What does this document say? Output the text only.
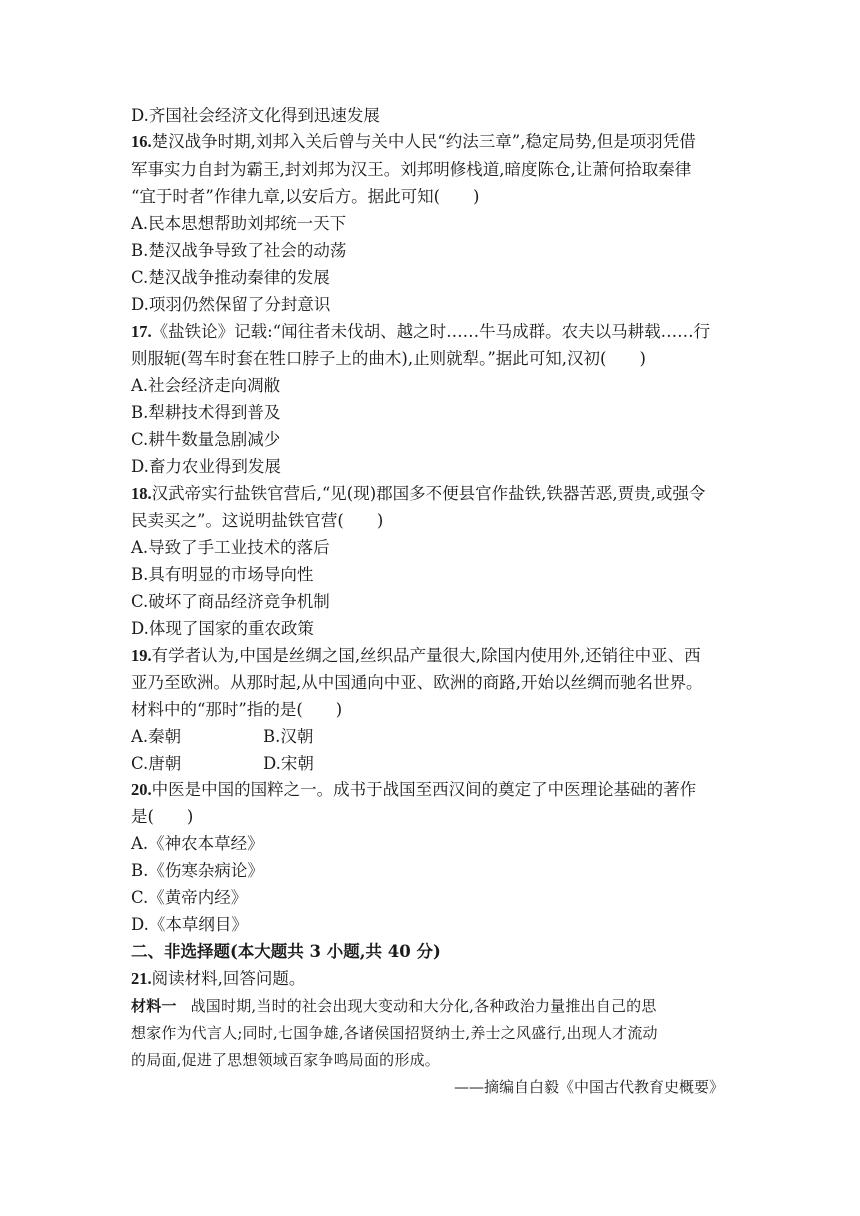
D.齐国社会经济文化得到迅速发展
16.楚汉战争时期,刘邦入关后曾与关中人民“约法三章”,稳定局势,但是项羽凭借
军事实力自封为霸王,封刘邦为汉王。刘邦明修栈道,暗度陈仓,让萧何拾取秦律
“宜于时者”作律九章,以安后方。据此可知(　　)
A.民本思想帮助刘邦统一天下
B.楚汉战争导致了社会的动荡
C.楚汉战争推动秦律的发展
D.项羽仍然保留了分封意识
17.《盐铁论》记载:“闻往者未伐胡、越之时……牛马成群。农夫以马耕载……行
则服轭(驾车时套在牲口脖子上的曲木),止则就犁。”据此可知,汉初(　　)
A.社会经济走向凋敝
B.犁耕技术得到普及
C.耕牛数量急剧减少
D.畜力农业得到发展
18.汉武帝实行盐铁官营后,“见(现)郡国多不便县官作盐铁,铁器苦恶,贾贵,或强令
民卖买之”。这说明盐铁官营(　　)
A.导致了手工业技术的落后
B.具有明显的市场导向性
C.破坏了商品经济竞争机制
D.体现了国家的重农政策
19.有学者认为,中国是丝绸之国,丝织品产量很大,除国内使用外,还销往中亚、西
亚乃至欧洲。从那时起,从中国通向中亚、欧洲的商路,开始以丝绸而驰名世界。
材料中的“那时”指的是(　　)
A.秦朝	B.汉朝
C.唐朝	D.宋朝
20.中医是中国的国粹之一。成书于战国至西汉间的奠定了中医理论基础的著作
是(　　)
A.《神农本草经》
B.《伤寒杂病论》
C.《黄帝内经》
D.《本草纲目》
二、非选择题(本大题共 3 小题,共 40 分)
21.阅读材料,回答问题。
材料一 战国时期,当时的社会出现大变动和大分化,各种政治力量推出自己的思
想家作为代言人;同时,七国争雄,各诸侯国招贤纳士,养士之风盛行,出现人才流动
的局面,促进了思想领域百家争鸣局面的形成。
——摘编自白毅《中国古代教育史概要》
